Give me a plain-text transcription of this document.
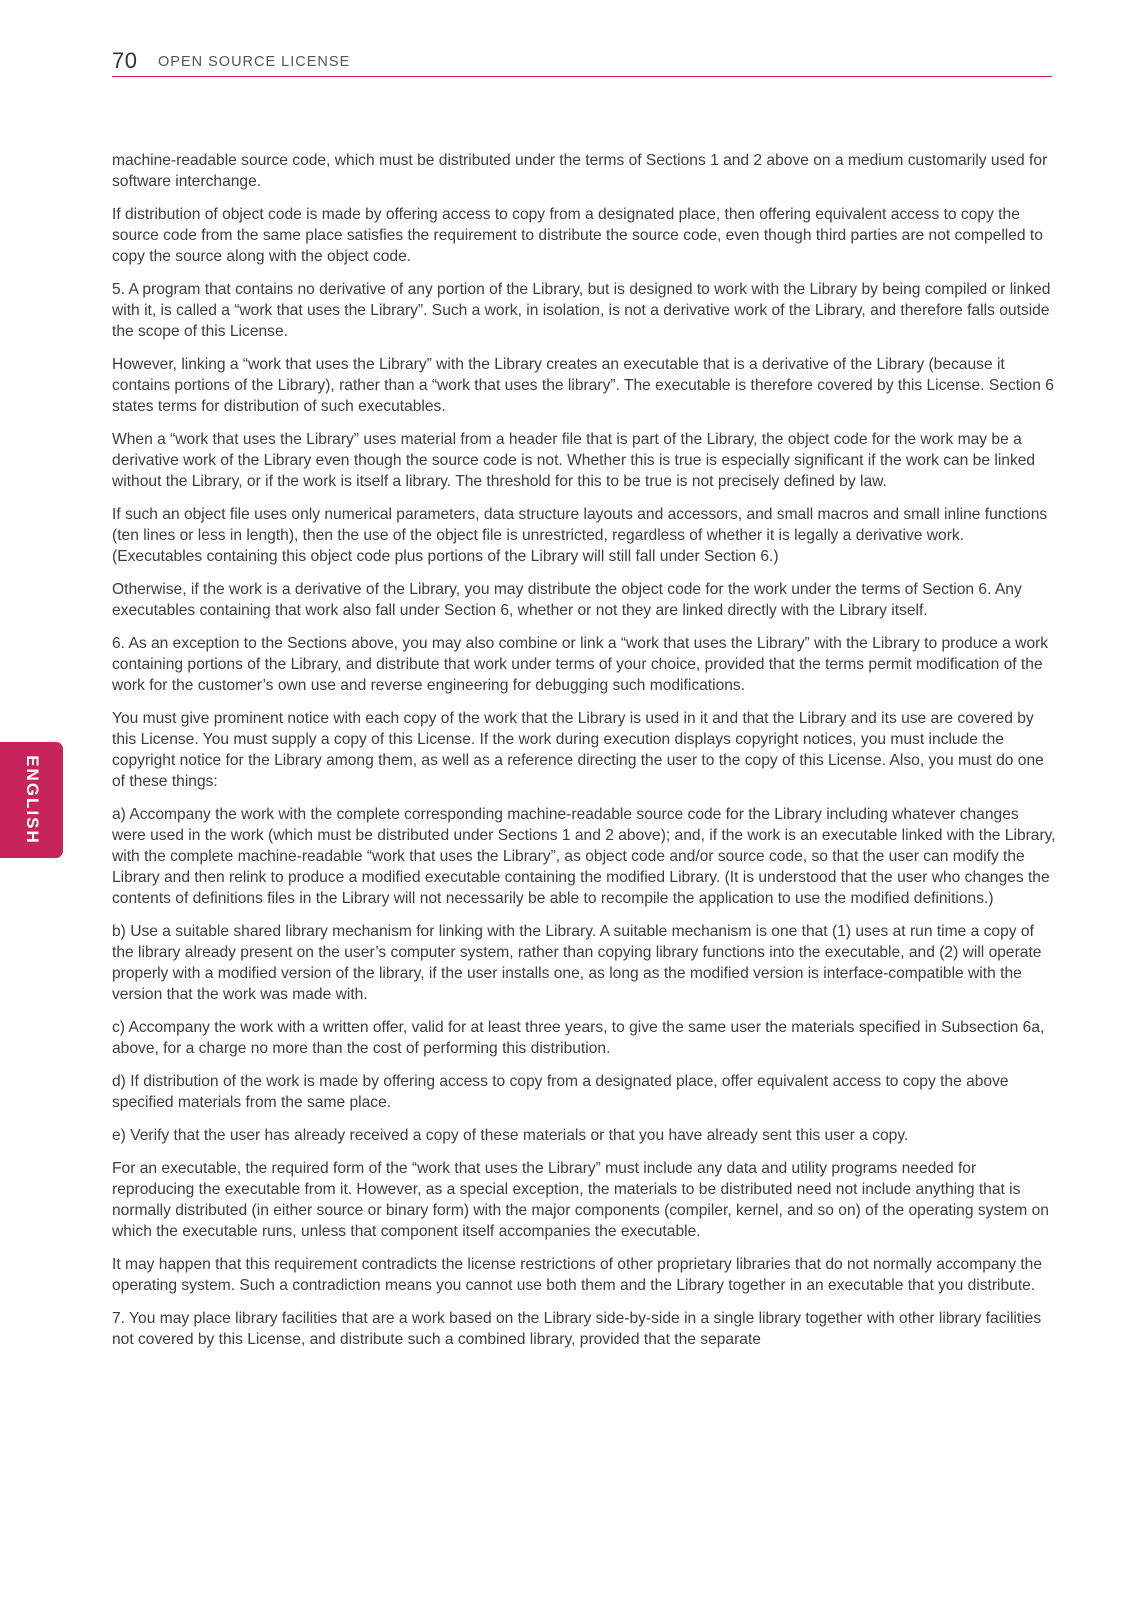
70 OPEN SOURCE LICENSE
ENGLISH

machine-readable source code, which must be distributed under the terms of Sections 1 and 2 above on a medium customarily used for software interchange.

If distribution of object code is made by offering access to copy from a designated place, then offering equivalent access to copy the source code from the same place satisfies the requirement to distribute the source code, even though third parties are not compelled to copy the source along with the object code.

5. A program that contains no derivative of any portion of the Library, but is designed to work with the Library by being compiled or linked with it, is called a “work that uses the Library”. Such a work, in isolation, is not a derivative work of the Library, and therefore falls outside the scope of this License.

However, linking a “work that uses the Library” with the Library creates an executable that is a derivative of the Library (because it contains portions of the Library), rather than a “work that uses the library”. The executable is therefore covered by this License. Section 6 states terms for distribution of such executables.

When a “work that uses the Library” uses material from a header file that is part of the Library, the object code for the work may be a derivative work of the Library even though the source code is not. Whether this is true is especially significant if the work can be linked without the Library, or if the work is itself a library. The threshold for this to be true is not precisely defined by law.

If such an object file uses only numerical parameters, data structure layouts and accessors, and small macros and small inline functions (ten lines or less in length), then the use of the object file is unrestricted, regardless of whether it is legally a derivative work. (Executables containing this object code plus portions of the Library will still fall under Section 6.)

Otherwise, if the work is a derivative of the Library, you may distribute the object code for the work under the terms of Section 6. Any executables containing that work also fall under Section 6, whether or not they are linked directly with the Library itself.

6. As an exception to the Sections above, you may also combine or link a “work that uses the Library” with the Library to produce a work containing portions of the Library, and distribute that work under terms of your choice, provided that the terms permit modification of the work for the customer’s own use and reverse engineering for debugging such modifications.

You must give prominent notice with each copy of the work that the Library is used in it and that the Library and its use are covered by this License. You must supply a copy of this License. If the work during execution displays copyright notices, you must include the copyright notice for the Library among them, as well as a reference directing the user to the copy of this License. Also, you must do one of these things:

a) Accompany the work with the complete corresponding machine-readable source code for the Library including whatever changes were used in the work (which must be distributed under Sections 1 and 2 above); and, if the work is an executable linked with the Library, with the complete machine-readable “work that uses the Library”, as object code and/or source code, so that the user can modify the Library and then relink to produce a modified executable containing the modified Library. (It is understood that the user who changes the contents of definitions files in the Library will not necessarily be able to recompile the application to use the modified definitions.)

b) Use a suitable shared library mechanism for linking with the Library. A suitable mechanism is one that (1) uses at run time a copy of the library already present on the user’s computer system, rather than copying library functions into the executable, and (2) will operate properly with a modified version of the library, if the user installs one, as long as the modified version is interface-compatible with the version that the work was made with.

c) Accompany the work with a written offer, valid for at least three years, to give the same user the materials specified in Subsection 6a, above, for a charge no more than the cost of performing this distribution.

d) If distribution of the work is made by offering access to copy from a designated place, offer equivalent access to copy the above specified materials from the same place.

e) Verify that the user has already received a copy of these materials or that you have already sent this user a copy.

For an executable, the required form of the “work that uses the Library” must include any data and utility programs needed for reproducing the executable from it. However, as a special exception, the materials to be distributed need not include anything that is normally distributed (in either source or binary form) with the major components (compiler, kernel, and so on) of the operating system on which the executable runs, unless that component itself accompanies the executable.

It may happen that this requirement contradicts the license restrictions of other proprietary libraries that do not normally accompany the operating system. Such a contradiction means you cannot use both them and the Library together in an executable that you distribute.

7. You may place library facilities that are a work based on the Library side-by-side in a single library together with other library facilities not covered by this License, and distribute such a combined library, provided that the separate
